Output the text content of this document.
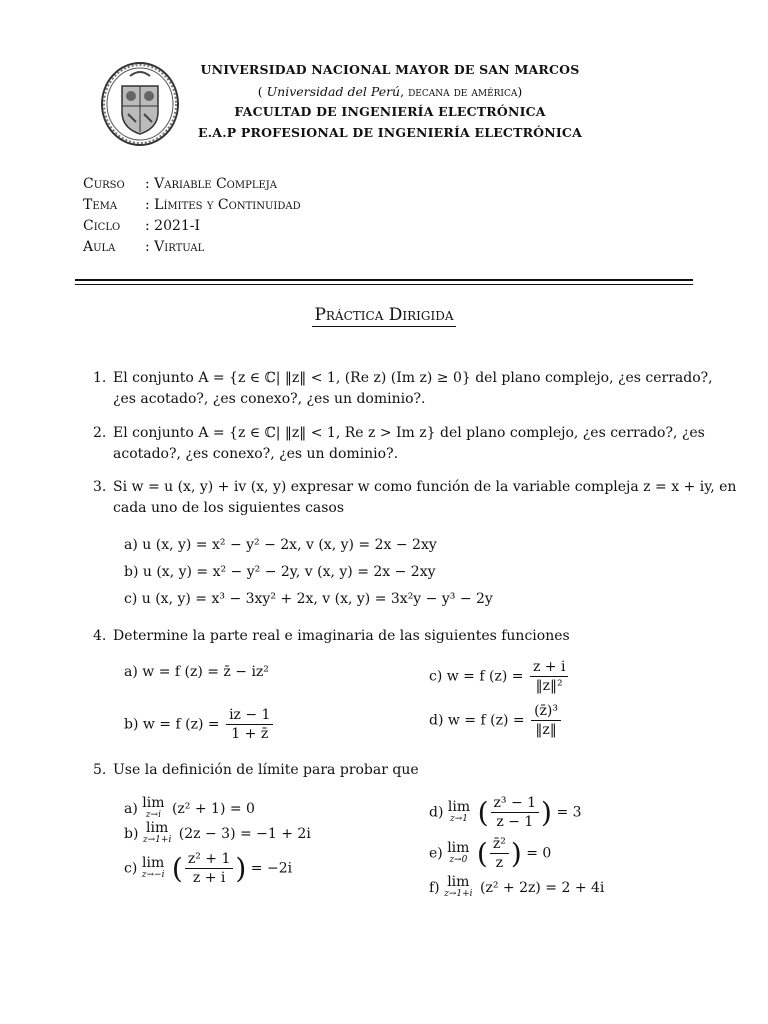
UNIVERSIDAD NACIONAL MAYOR DE SAN MARCOS
( Universidad del Perú, decana de américa)
FACULTAD DE INGENIERÍA ELECTRÓNICA
E.A.P PROFESIONAL DE INGENIERÍA ELECTRÓNICA
Curso : Variable Compleja
Tema : Límites y Continuidad
Ciclo : 2021-I
Aula : Virtual
Práctica Dirigida
1. El conjunto A = {z ∈ ℂ| ‖z‖ < 1, (Re z) (Im z) ≥ 0} del plano complejo, ¿es cerrado?,
¿es acotado?, ¿es conexo?, ¿es un dominio?.
2. El conjunto A = {z ∈ ℂ| ‖z‖ < 1, Re z > Im z} del plano complejo, ¿es cerrado?, ¿es
acotado?, ¿es conexo?, ¿es un dominio?.
3. Si w = u (x, y) + iv (x, y) expresar w como función de la variable compleja z = x + iy, en
cada uno de los siguientes casos
a) u (x, y) = x² − y² − 2x, v (x, y) = 2x − 2xy
b) u (x, y) = x² − y² − 2y, v (x, y) = 2x − 2xy
c) u (x, y) = x³ − 3xy² + 2x, v (x, y) = 3x²y − y³ − 2y
4. Determine la parte real e imaginaria de las siguientes funciones
a) w = f (z) = z̄ − iz²
b) w = f $(z) = \frac{iz - 1}{1 + z̄}$
c) w = f $(z) = \frac{z + i}{\text{‖z‖²}}$
d) w = f $(z) = \frac{\text{(z̄)³}}{‖z‖}$
5. Use la definición de límite para probar que
a) lim
z→i (z² + 1) = 0
b) lim
z→1+i (2z − 3) = −1 + 2i
c) lim
z→−i ( $\frac{\text{z² + 1}}{z + i}$ ) = −2i
d) lim
z→1 ( $\frac{\text{z³ − 1}}{z - 1}$ ) = 3
e) lim
z→0 ( $\frac{\text{z̄²}}{z}$ ) = 0
f) lim
z→1+i (z² + 2z) = 2 + 4i
